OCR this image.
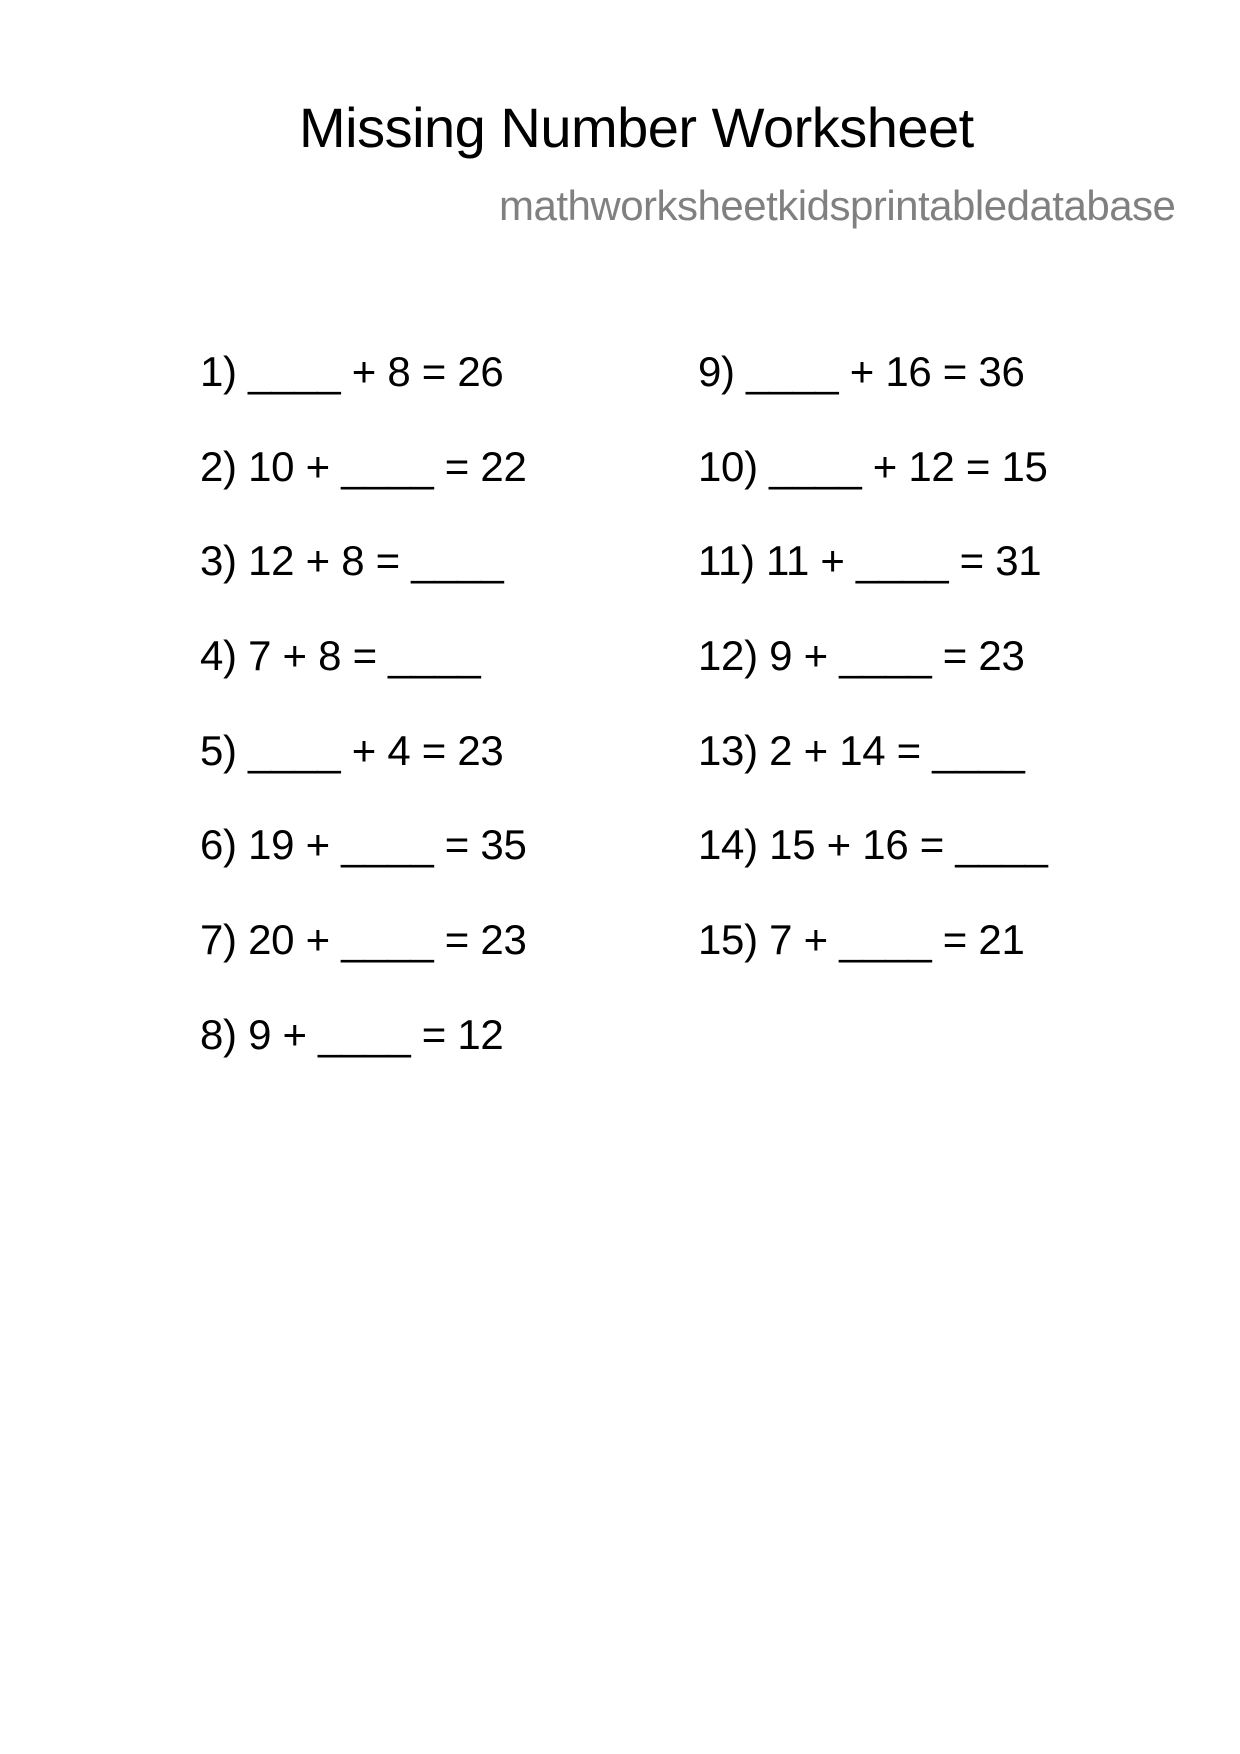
Missing Number Worksheet
mathworksheetkidsprintabledatabase
1) ____ + 8 = 26
2) 10 + ____ = 22
3) 12 + 8 = ____
4) 7 + 8 = ____
5) ____ + 4 = 23
6) 19 + ____ = 35
7) 20 + ____ = 23
8) 9 + ____ = 12
9) ____ + 16 = 36
10) ____ + 12 = 15
11) 11 + ____ = 31
12) 9 + ____ = 23
13) 2 + 14 = ____
14) 15 + 16 = ____
15) 7 + ____ = 21
